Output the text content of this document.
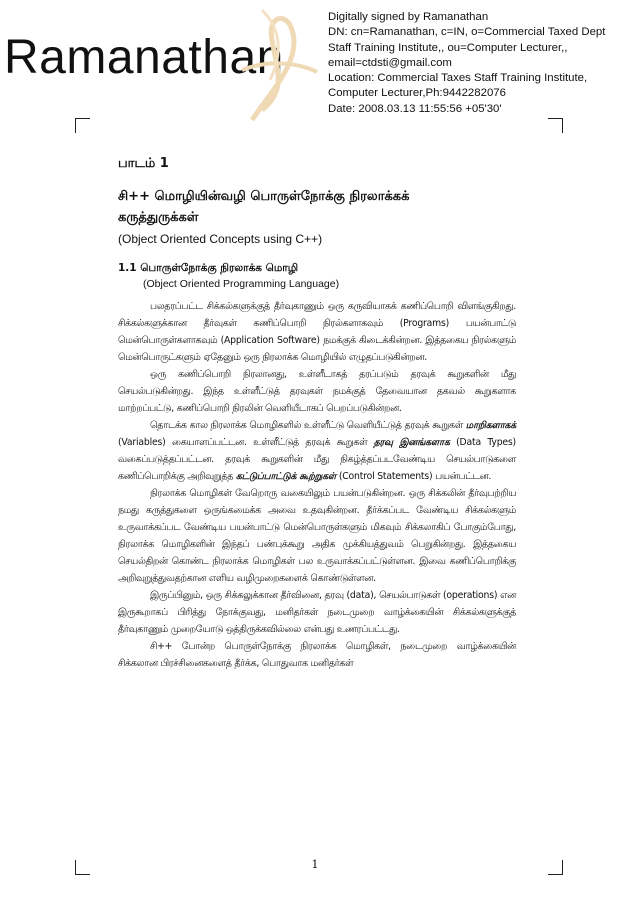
Ramanathan
Digitally signed by Ramanathan
DN: cn=Ramanathan, c=IN, o=Commercial Taxed Dept
Staff Training Institute,, ou=Computer Lecturer,,
email=ctdsti@gmail.com
Location: Commercial Taxes Staff Training Institute,
Computer Lecturer,Ph:9442282076
Date: 2008.03.13 11:55:56 +05'30'
பாடம் 1
சி++ மொழியின்வழி பொருள்நோக்கு நிரலாக்கக்
கருத்துருக்கள்
(Object Oriented Concepts using C++)
1.1 பொருள்நோக்கு நிரலாக்க மொழி
(Object Oriented Programming Language)

பலதரப்பட்ட சிக்கல்களுக்குத் தீர்வுகாணும் ஒரு கருவியாகக் கணிப்பொறி விளங்குகிறது. சிக்கல்களுக்கான தீர்வுகள் கணிப்பொறி நிரல்களாகவும் (Programs) பயன்பாட்டு மென்பொருள்களாகவும் (Application Software) நமக்குக் கிடைக்கின்றன. இத்தகைய நிரல்களும் மென்பொருட்களும் ஏதேனும் ஒரு நிரலாக்க மொழியில் எழுதப்படுகின்றன.

ஒரு கணிப்பொறி நிரலானது, உள்ளீடாகத் தரப்படும் தரவுக் கூறுகளின் மீது செயல்படுகின்றது. இந்த உள்ளீட்டுத் தரவுகள் நமக்குத் தேவையான தகவல் கூறுகளாக மாற்றப்பட்டு, கணிப்பொறி நிரலின் வெளியீடாகப் பெறப்படுகின்றன.

தொடக்க கால நிரலாக்க மொழிகளில் உள்ளீட்டு வெளியீட்டுத் தரவுக் கூறுகள் மாறிகளாகக் (Variables) கையாளப்பட்டன. உள்ளீட்டுத் தரவுக் கூறுகள் தரவு இனங்களாக (Data Types) வகைப்படுத்தப்பட்டன. தரவுக் கூறுகளின் மீது நிகழ்த்தப்படவேண்டிய செயல்பாடுகளை கணிப்பொறிக்கு அறிவுறுத்த கட்டுப்பாட்டுக் கூற்றுகள் (Control Statements) பயன்பட்டன.

நிரலாக்க மொழிகள் வேறொரு வகையிலும் பயன்படுகின்றன. ஒரு சிக்கலின் தீர்வுபற்றிய நமது கருத்துகளை ஒருங்கமைக்க அவை உதவுகின்றன. தீர்க்கப்பட வேண்டிய சிக்கல்களும் உருவாக்கப்பட வேண்டிய பயன்பாட்டு மென்பொருள்களும் மிகவும் சிக்கலாகிப் போகும்போது, நிரலாக்க மொழிகளின் இந்தப் பண்புக்கூறு அதிக முக்கியத்துவம் பெறுகின்றது. இத்தகைய செயல்திறன் கொண்ட நிரலாக்க மொழிகள் பல உருவாக்கப்பட்டுள்ளன. இவை கணிப்பொறிக்கு அறிவுறுத்துவதற்கான எளிய வழிமுறைகளைக் கொண்டுள்ளன.

இருப்பினும், ஒரு சிக்கலுக்கான தீர்வினை, தரவு (data), செயல்பாடுகள் (operations) என இருகூறாகப் பிரித்து நோக்குவது, மனிதர்கள் நடைமுறை வாழ்க்கையின் சிக்கல்களுக்குத் தீர்வுகாணும் முறையோடு ஒத்திருக்கவில்லை என்பது உணரப்பட்டது.

சி++ போன்ற பொருள்நோக்கு நிரலாக்க மொழிகள், நடைமுறை வாழ்க்கையின் சிக்கலான பிரச்சினைகளைத் தீர்க்க, பொதுவாக மனிதர்கள்

1
